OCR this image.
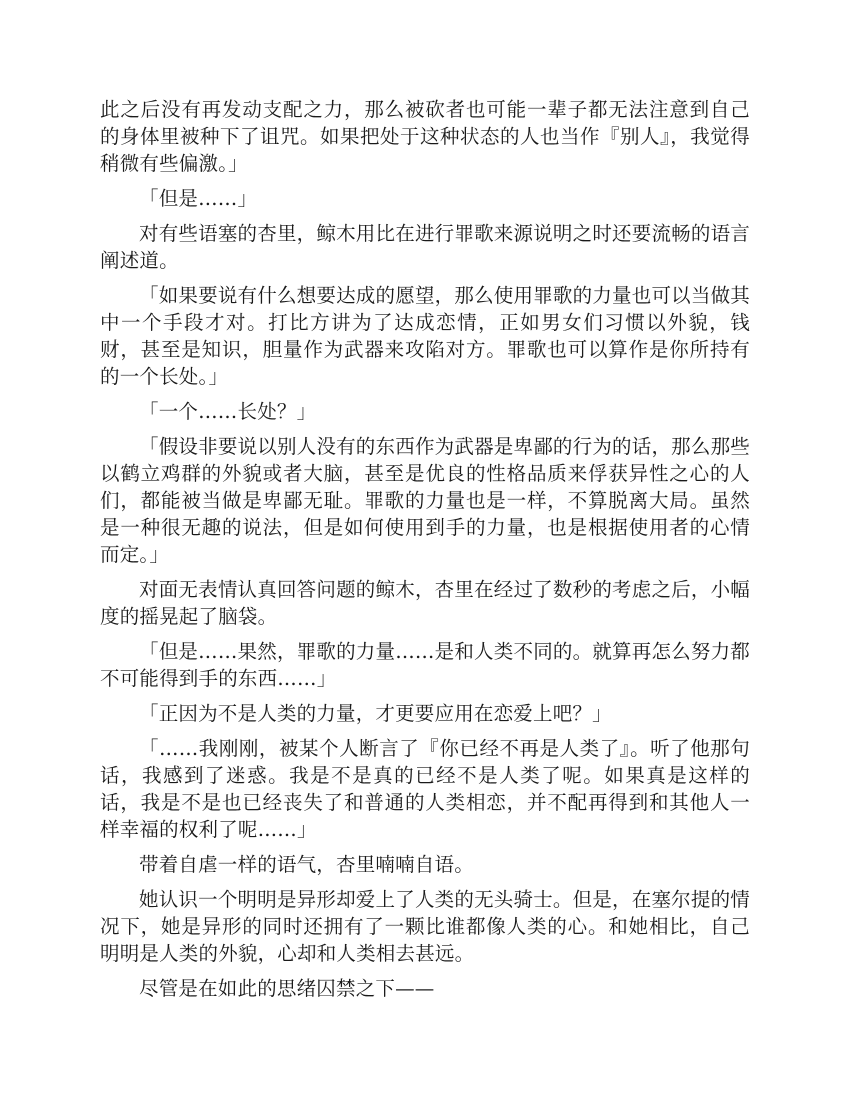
此之后没有再发动支配之力，那么被砍者也可能一辈子都无法注意到自己的身体里被种下了诅咒。如果把处于这种状态的人也当作『别人』，我觉得稍微有些偏激。」

「但是……」

对有些语塞的杏里，鲸木用比在进行罪歌来源说明之时还要流畅的语言阐述道。

「如果要说有什么想要达成的愿望，那么使用罪歌的力量也可以当做其中一个手段才对。打比方讲为了达成恋情，正如男女们习惯以外貌，钱财，甚至是知识，胆量作为武器来攻陷对方。罪歌也可以算作是你所持有的一个长处。」

「一个……长处？」

「假设非要说以别人没有的东西作为武器是卑鄙的行为的话，那么那些以鹤立鸡群的外貌或者大脑，甚至是优良的性格品质来俘获异性之心的人们，都能被当做是卑鄙无耻。罪歌的力量也是一样，不算脱离大局。虽然是一种很无趣的说法，但是如何使用到手的力量，也是根据使用者的心情而定。」

对面无表情认真回答问题的鲸木，杏里在经过了数秒的考虑之后，小幅度的摇晃起了脑袋。

「但是……果然，罪歌的力量……是和人类不同的。就算再怎么努力都不可能得到手的东西……」

「正因为不是人类的力量，才更要应用在恋爱上吧？」

「……我刚刚，被某个人断言了『你已经不再是人类了』。听了他那句话，我感到了迷惑。我是不是真的已经不是人类了呢。如果真是这样的话，我是不是也已经丧失了和普通的人类相恋，并不配再得到和其他人一样幸福的权利了呢……」

带着自虐一样的语气，杏里喃喃自语。

她认识一个明明是异形却爱上了人类的无头骑士。但是，在塞尔提的情况下，她是异形的同时还拥有了一颗比谁都像人类的心。和她相比，自己明明是人类的外貌，心却和人类相去甚远。

尽管是在如此的思绪囚禁之下——
